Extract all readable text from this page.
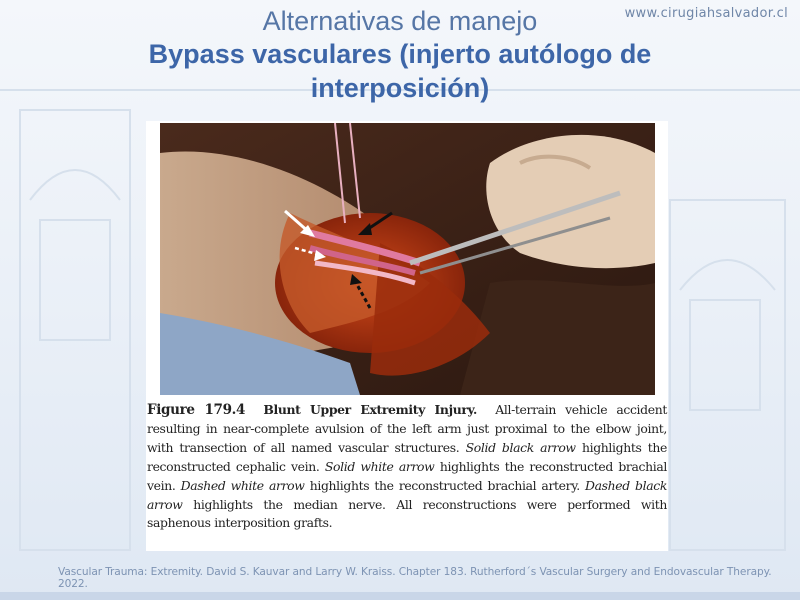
www.cirugiahsalvador.cl
Alternativas de manejo
Bypass vasculares (injerto autólogo de interposición)
Figure 179.4 Blunt Upper Extremity Injury. All-terrain vehicle accident resulting in near-complete avulsion of the left arm just proximal to the elbow joint, with transection of all named vascular structures. Solid black arrow highlights the reconstructed cephalic vein. Solid white arrow highlights the reconstructed brachial vein. Dashed white arrow highlights the reconstructed brachial artery. Dashed black arrow highlights the median nerve. All reconstructions were performed with saphenous interposition grafts.
Vascular Trauma: Extremity. David S. Kauvar and Larry W. Kraiss. Chapter 183. Rutherford´s Vascular Surgery and Endovascular Therapy. 2022.
